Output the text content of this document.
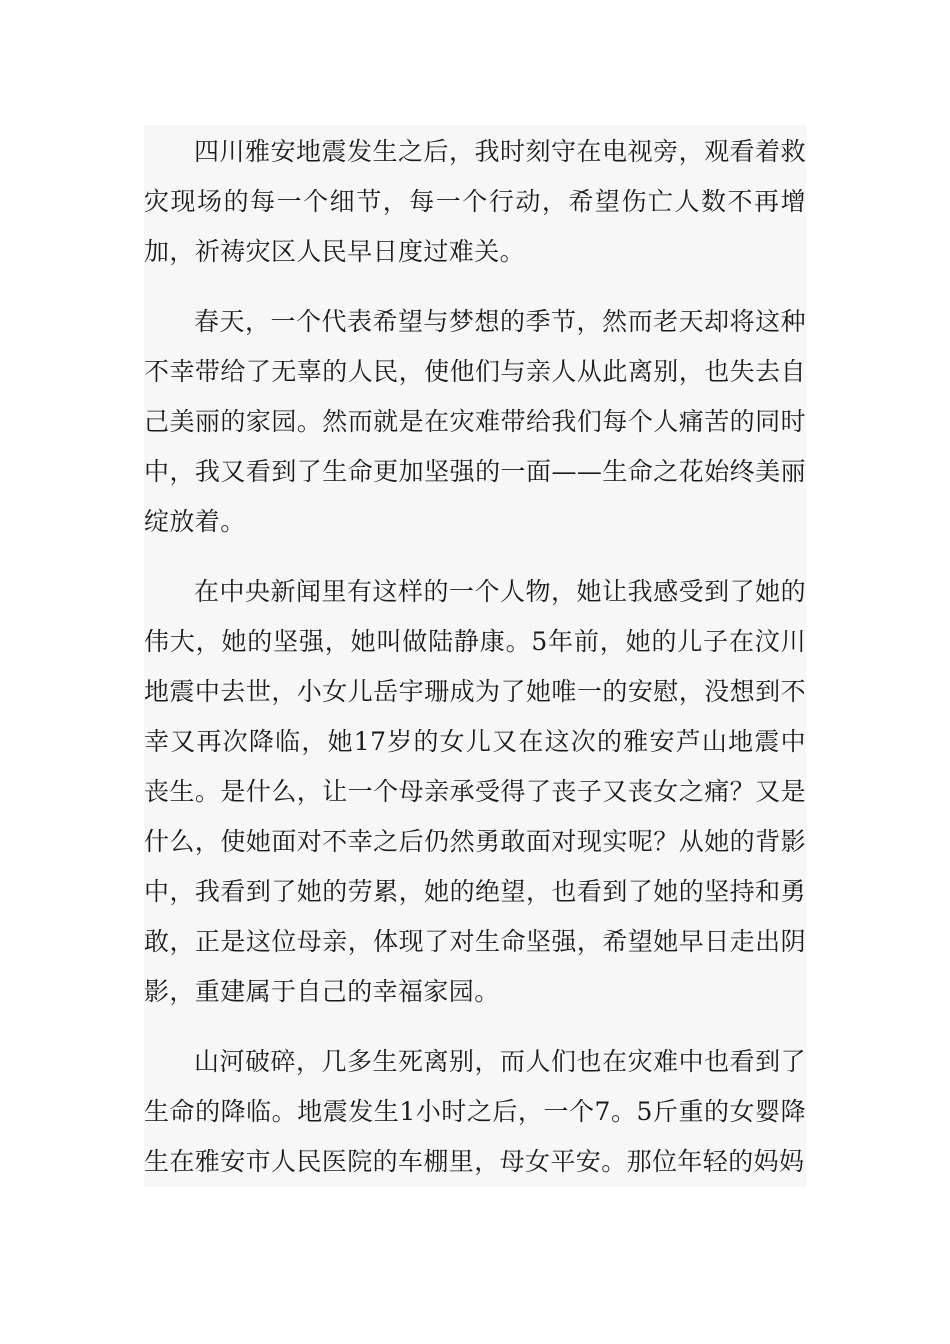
四川雅安地震发生之后，我时刻守在电视旁，观看着救灾现场的每一个细节，每一个行动，希望伤亡人数不再增加，祈祷灾区人民早日度过难关。

春天，一个代表希望与梦想的季节，然而老天却将这种不幸带给了无辜的人民，使他们与亲人从此离别，也失去自己美丽的家园。然而就是在灾难带给我们每个人痛苦的同时中，我又看到了生命更加坚强的一面——生命之花始终美丽绽放着。

在中央新闻里有这样的一个人物，她让我感受到了她的伟大，她的坚强，她叫做陆静康。5年前，她的儿子在汶川地震中去世，小女儿岳宇珊成为了她唯一的安慰，没想到不幸又再次降临，她17岁的女儿又在这次的雅安芦山地震中丧生。是什么，让一个母亲承受得了丧子又丧女之痛？又是什么，使她面对不幸之后仍然勇敢面对现实呢？从她的背影中，我看到了她的劳累，她的绝望，也看到了她的坚持和勇敢，正是这位母亲，体现了对生命坚强，希望她早日走出阴影，重建属于自己的幸福家园。

山河破碎，几多生死离别，而人们也在灾难中也看到了生命的降临。地震发生1小时之后，一个7。5斤重的女婴降生在雅安市人民医院的车棚里，母女平安。那位年轻的妈妈
